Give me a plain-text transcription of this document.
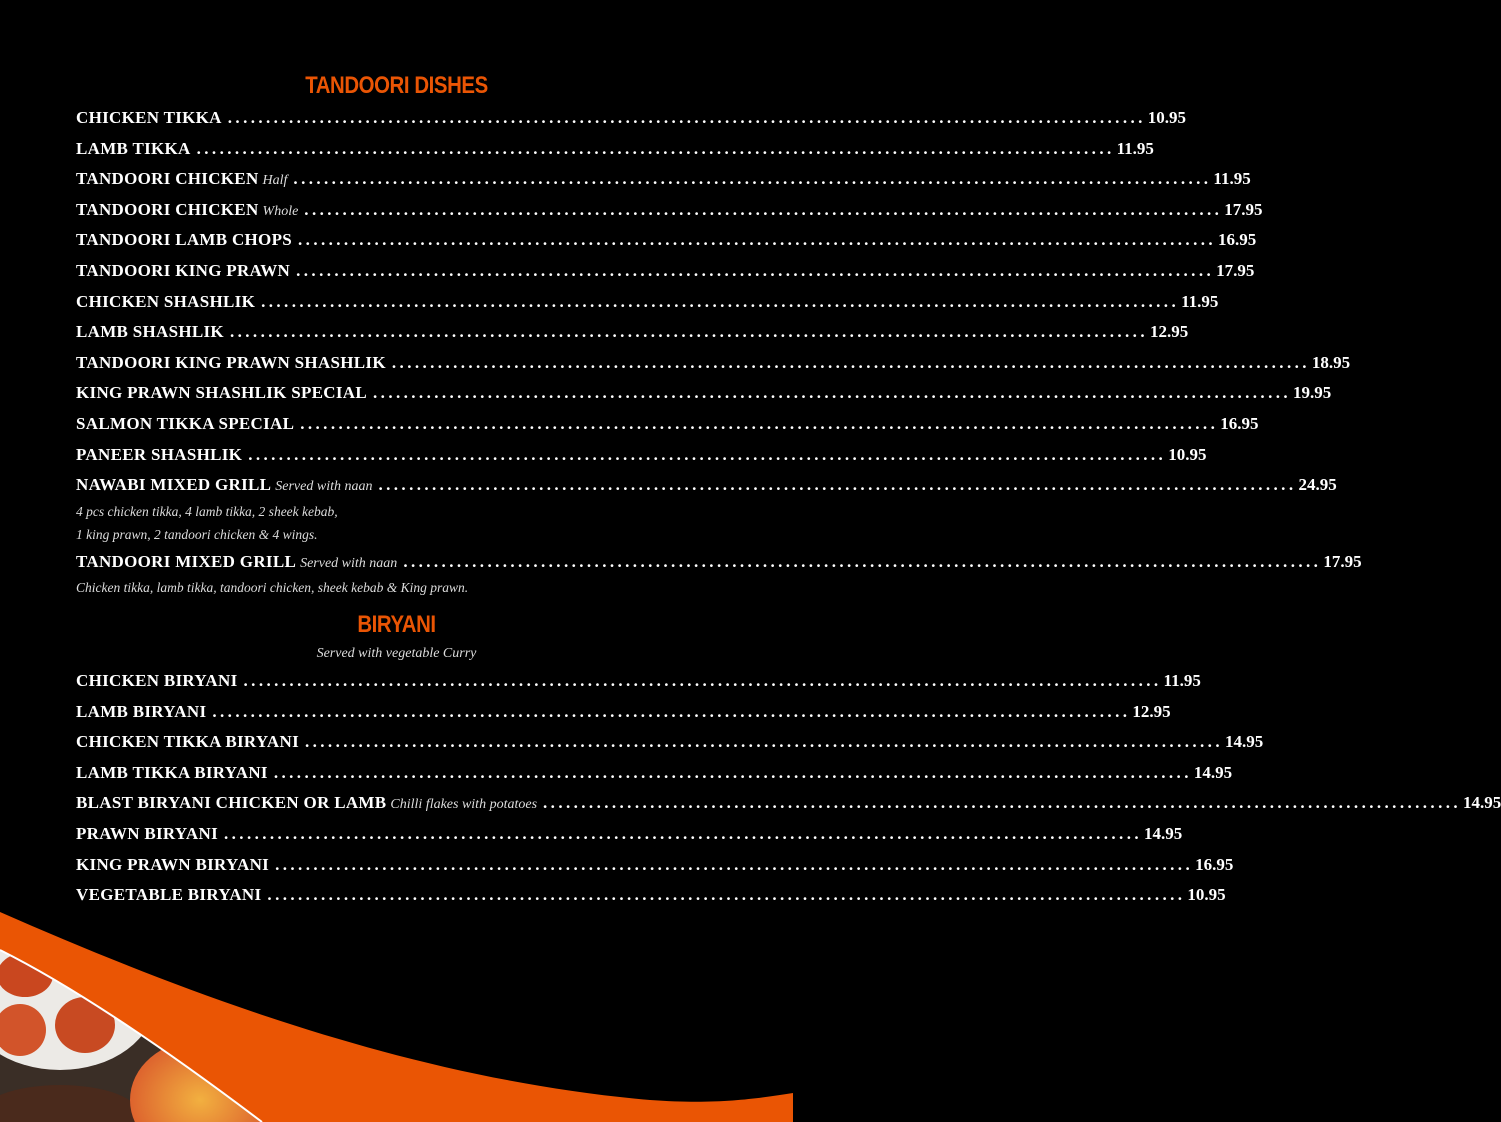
TANDOORI DISHES
CHICKEN TIKKA ........................................................................................................................ 10.95
LAMB TIKKA ........................................................................................................................ 11.95
TANDOORI CHICKEN Half ........................................................................................................................ 11.95
TANDOORI CHICKEN Whole ........................................................................................................................ 17.95
TANDOORI LAMB CHOPS ........................................................................................................................ 16.95
TANDOORI KING PRAWN ........................................................................................................................ 17.95
CHICKEN SHASHLIK ........................................................................................................................ 11.95
LAMB SHASHLIK ........................................................................................................................ 12.95
TANDOORI KING PRAWN SHASHLIK ........................................................................................................................ 18.95
KING PRAWN SHASHLIK SPECIAL ........................................................................................................................ 19.95
SALMON TIKKA SPECIAL ........................................................................................................................ 16.95
PANEER SHASHLIK ........................................................................................................................ 10.95
NAWABI MIXED GRILL Served with naan ........................................................................................................................ 24.95
4 pcs chicken tikka, 4 lamb tikka, 2 sheek kebab,
1 king prawn, 2 tandoori chicken & 4 wings.
TANDOORI MIXED GRILL Served with naan ........................................................................................................................ 17.95
Chicken tikka, lamb tikka, tandoori chicken, sheek kebab & King prawn.
BIRYANI
Served with vegetable Curry
CHICKEN BIRYANI ........................................................................................................................ 11.95
LAMB BIRYANI ........................................................................................................................ 12.95
CHICKEN TIKKA BIRYANI ........................................................................................................................ 14.95
LAMB TIKKA BIRYANI ........................................................................................................................ 14.95
BLAST BIRYANI CHICKEN OR LAMB Chilli flakes with potatoes ........................................................................................................................ 14.95
PRAWN BIRYANI ........................................................................................................................ 14.95
KING PRAWN BIRYANI ........................................................................................................................ 16.95
VEGETABLE BIRYANI ........................................................................................................................ 10.95
